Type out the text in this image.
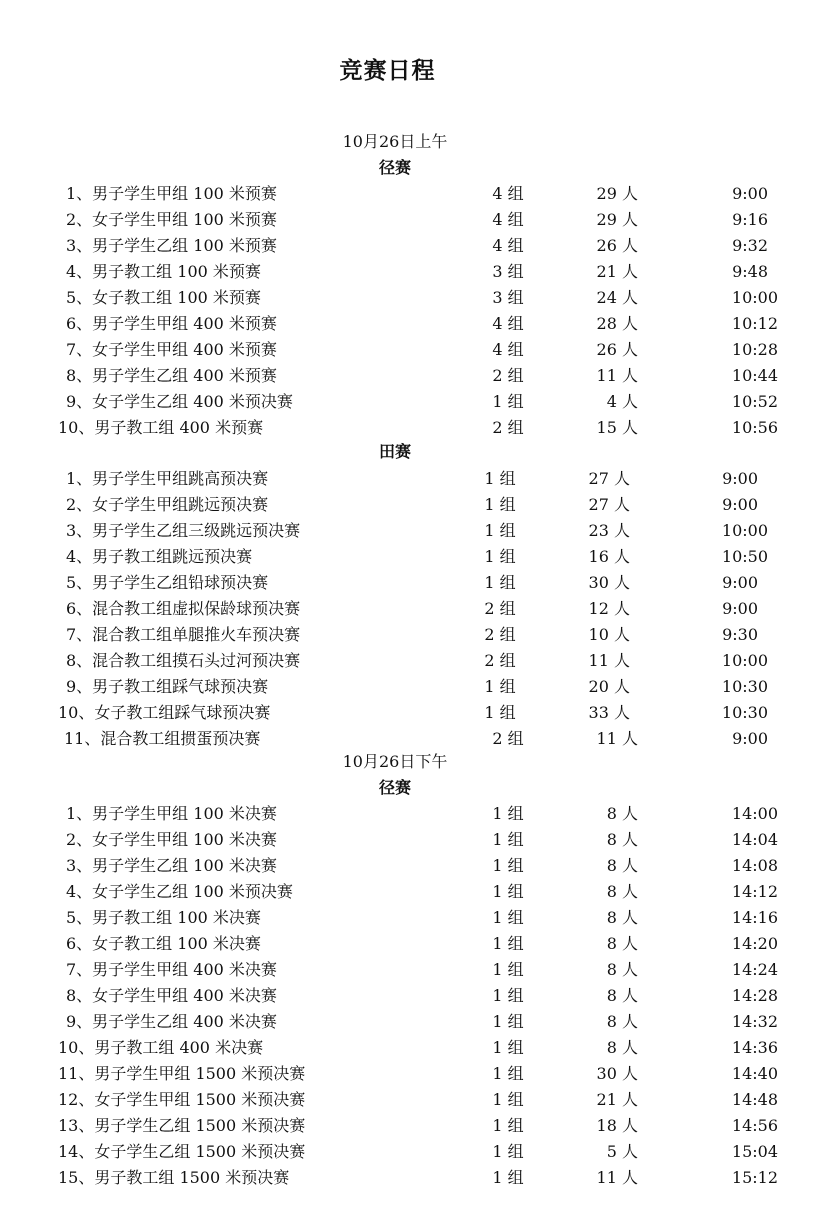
竞赛日程
10月26日上午
径赛
1、男子学生甲组 100 米预赛	4 组	29 人	9:00
2、女子学生甲组 100 米预赛	4 组	29 人	9:16
3、男子学生乙组 100 米预赛	4 组	26 人	9:32
4、男子教工组 100 米预赛	3 组	21 人	9:48
5、女子教工组 100 米预赛	3 组	24 人	10:00
6、男子学生甲组 400 米预赛	4 组	28 人	10:12
7、女子学生甲组 400 米预赛	4 组	26 人	10:28
8、男子学生乙组 400 米预赛	2 组	11 人	10:44
9、女子学生乙组 400 米预决赛	1 组	4 人	10:52
10、男子教工组 400 米预赛	2 组	15 人	10:56
田赛
1、男子学生甲组跳高预决赛	1 组	27 人	9:00
2、女子学生甲组跳远预决赛	1 组	27 人	9:00
3、男子学生乙组三级跳远预决赛	1 组	23 人	10:00
4、男子教工组跳远预决赛	1 组	16 人	10:50
5、男子学生乙组铅球预决赛	1 组	30 人	9:00
6、混合教工组虚拟保龄球预决赛	2 组	12 人	9:00
7、混合教工组单腿推火车预决赛	2 组	10 人	9:30
8、混合教工组摸石头过河预决赛	2 组	11 人	10:00
9、男子教工组踩气球预决赛	1 组	20 人	10:30
10、女子教工组踩气球预决赛	1 组	33 人	10:30
11、混合教工组掼蛋预决赛	2 组	11 人	9:00
10月26日下午
径赛
1、男子学生甲组 100 米决赛	1 组	8 人	14:00
2、女子学生甲组 100 米决赛	1 组	8 人	14:04
3、男子学生乙组 100 米决赛	1 组	8 人	14:08
4、女子学生乙组 100 米预决赛	1 组	8 人	14:12
5、男子教工组 100 米决赛	1 组	8 人	14:16
6、女子教工组 100 米决赛	1 组	8 人	14:20
7、男子学生甲组 400 米决赛	1 组	8 人	14:24
8、女子学生甲组 400 米决赛	1 组	8 人	14:28
9、男子学生乙组 400 米决赛	1 组	8 人	14:32
10、男子教工组 400 米决赛	1 组	8 人	14:36
11、男子学生甲组 1500 米预决赛	1 组	30 人	14:40
12、女子学生甲组 1500 米预决赛	1 组	21 人	14:48
13、男子学生乙组 1500 米预决赛	1 组	18 人	14:56
14、女子学生乙组 1500 米预决赛	1 组	5 人	15:04
15、男子教工组 1500 米预决赛	1 组	11 人	15:12
